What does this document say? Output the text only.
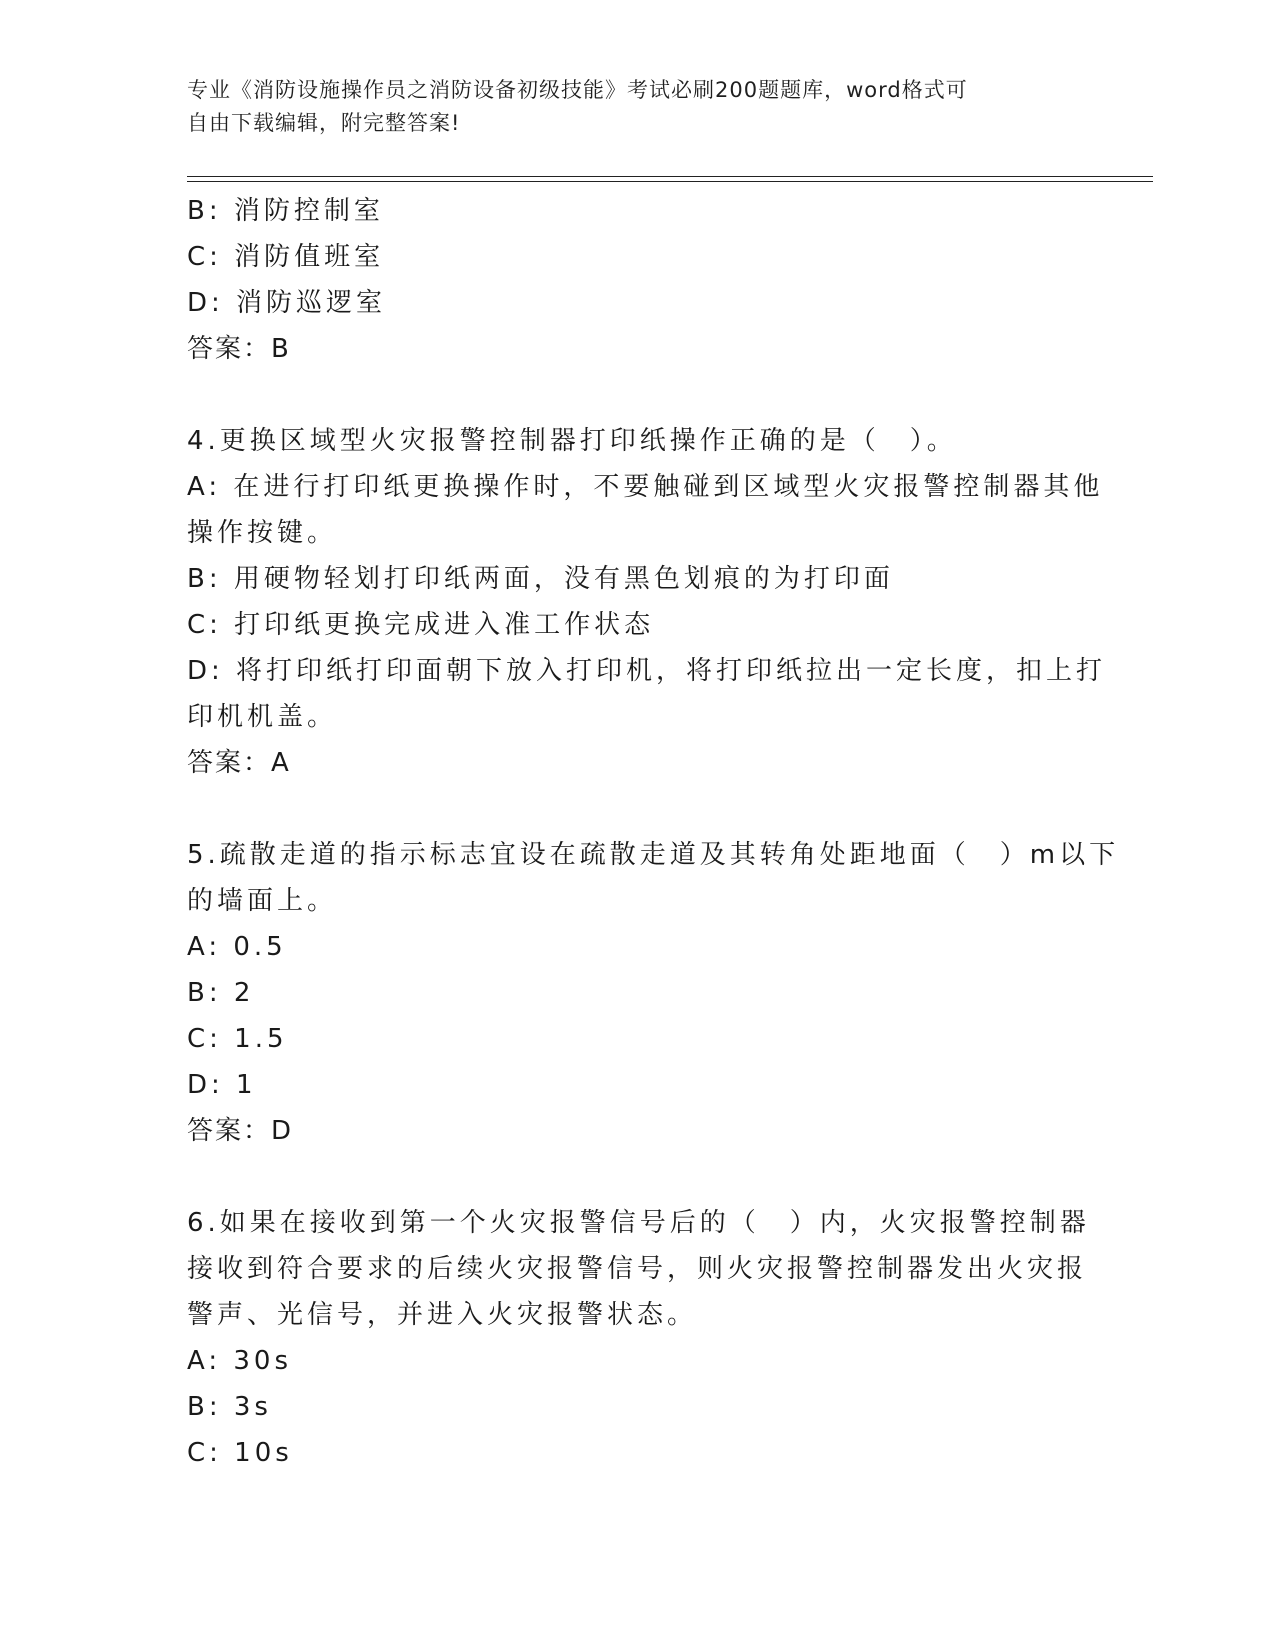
专业《消防设施操作员之消防设备初级技能》考试必刷200题题库，word格式可
自由下载编辑，附完整答案!
B: 消防控制室
C: 消防值班室
D: 消防巡逻室
答案：B
4.更换区域型火灾报警控制器打印纸操作正确的是（　）。
A: 在进行打印纸更换操作时，不要触碰到区域型火灾报警控制器其他
操作按键。
B: 用硬物轻划打印纸两面，没有黑色划痕的为打印面
C: 打印纸更换完成进入准工作状态
D: 将打印纸打印面朝下放入打印机，将打印纸拉出一定长度，扣上打
印机机盖。
答案：A
5.疏散走道的指示标志宜设在疏散走道及其转角处距地面（　）m以下
的墙面上。
A: 0.5
B: 2
C: 1.5
D: 1
答案：D
6.如果在接收到第一个火灾报警信号后的（　）内，火灾报警控制器
接收到符合要求的后续火灾报警信号，则火灾报警控制器发出火灾报
警声、光信号，并进入火灾报警状态。
A: 30s
B: 3s
C: 10s
